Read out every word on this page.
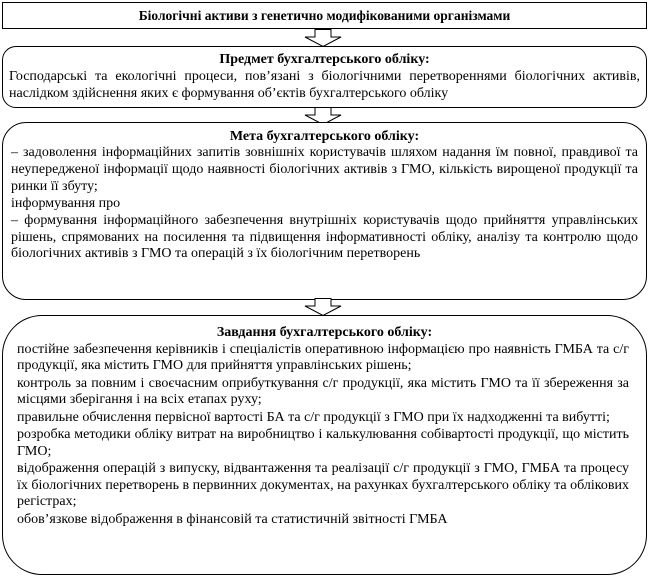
Біологічні активи з генетично модифікованими організмами
Предмет бухгалтерського обліку:
Господарські та екологічні процеси, пов’язані з біологічними перетвореннями біологічних активів, наслідком здійснення яких є формування об’єктів бухгалтерського обліку
Мета бухгалтерського обліку:
– задоволення інформаційних запитів зовнішніх користувачів шляхом надання їм повної, правдивої та неупередженої інформації щодо наявності біологічних активів з ГМО, кількість вирощеної продукції та ринки її збуту;
інформування про
– формування інформаційного забезпечення внутрішніх користувачів щодо прийняття управлінських рішень, спрямованих на посилення та підвищення інформативності обліку, аналізу та контролю щодо біологічних активів з ГМО та операцій з їх біологічним перетворень
Завдання бухгалтерського обліку:
постійне забезпечення керівників і спеціалістів оперативною інформацією про наявність ГМБА та с/г продукції, яка містить ГМО для прийняття управлінських рішень;
контроль за повним і своєчасним оприбуткування с/г продукції, яка містить ГМО та її збереження за місцями зберігання і на всіх етапах руху;
правильне обчислення первісної вартості БА та с/г продукції з ГМО при їх надходженні та вибутті;
розробка методики обліку витрат на виробництво і калькулювання собівартості продукції, що містить ГМО;
відображення операцій з випуску, відвантаження та реалізації с/г продукції з ГМО, ГМБА та процесу їх біологічних перетворень в первинних документах, на рахунках бухгалтерського обліку та облікових регістрах;
обов’язкове відображення в фінансовій та статистичній звітності ГМБА
